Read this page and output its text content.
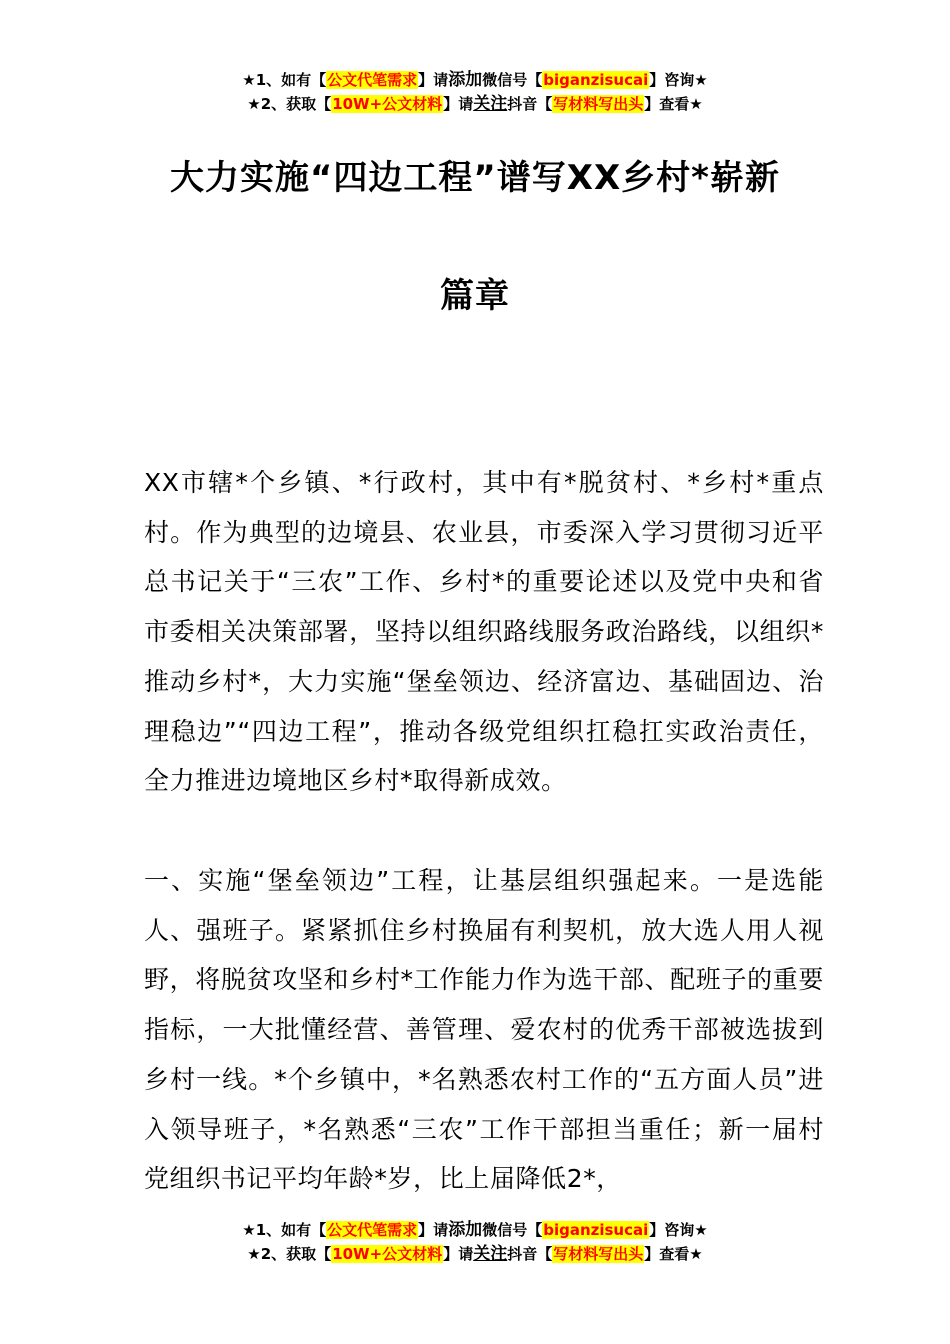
★1、如有【公文代笔需求】请添加微信号【biganzisucai】咨询★
★2、获取【10W+公文材料】请关注抖音【写材料写出头】查看★
大力实施“四边工程”谱写XX乡村*崭新
篇章
XX市辖*个乡镇、*行政村，其中有*脱贫村、*乡村*重点村。作为典型的边境县、农业县，市委深入学习贯彻习近平总书记关于“三农”工作、乡村*的重要论述以及党中央和省市委相关决策部署，坚持以组织路线服务政治路线，以组织*推动乡村*，大力实施“堡垒领边、经济富边、基础固边、治理稳边”“四边工程”，推动各级党组织扛稳扛实政治责任，全力推进边境地区乡村*取得新成效。
一、实施“堡垒领边”工程，让基层组织强起来。一是选能人、强班子。紧紧抓住乡村换届有利契机，放大选人用人视野，将脱贫攻坚和乡村*工作能力作为选干部、配班子的重要指标，一大批懂经营、善管理、爱农村的优秀干部被选拔到乡村一线。*个乡镇中，*名熟悉农村工作的“五方面人员”进入领导班子，*名熟悉“三农”工作干部担当重任；新一届村党组织书记平均年龄*岁，比上届降低2*，
★1、如有【公文代笔需求】请添加微信号【biganzisucai】咨询★
★2、获取【10W+公文材料】请关注抖音【写材料写出头】查看★
